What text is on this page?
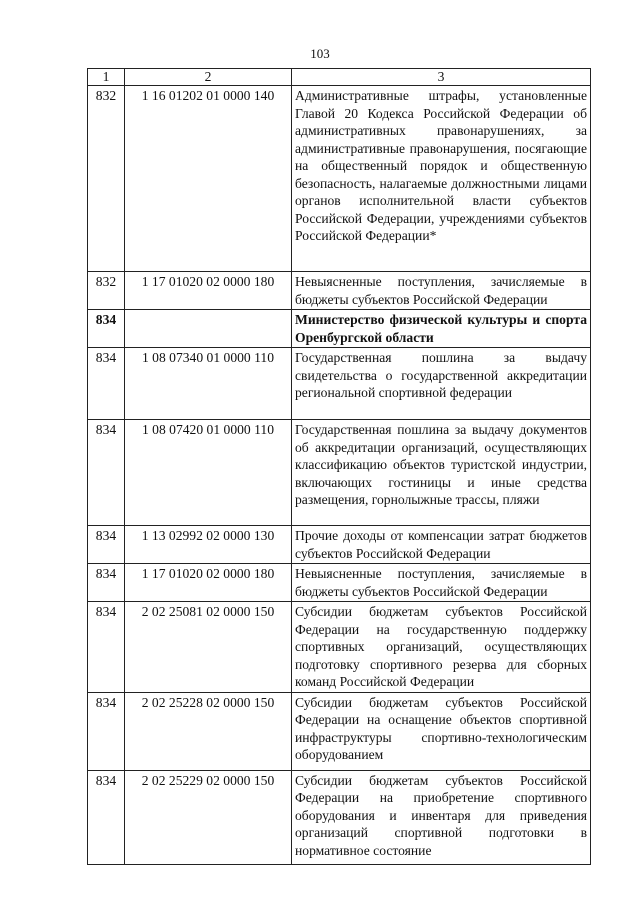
103
1	2	3
832	1 16 01202 01 0000 140	Административные штрафы, установленные Главой 20 Кодекса Российской Федерации об административных правонарушениях, за административные правонарушения, посягающие на общественный порядок и общественную безопасность, налагаемые должностными лицами органов исполнительной власти субъектов Российской Федерации, учреждениями субъектов Российской Федерации*
832	1 17 01020 02 0000 180	Невыясненные поступления, зачисляемые в бюджеты субъектов Российской Федерации
834		Министерство физической культуры и спорта Оренбургской области
834	1 08 07340 01 0000 110	Государственная пошлина за выдачу свидетельства о государственной аккредитации региональной спортивной федерации
834	1 08 07420 01 0000 110	Государственная пошлина за выдачу документов об аккредитации организаций, осуществляющих классификацию объектов туристской индустрии, включающих гостиницы и иные средства размещения, горнолыжные трассы, пляжи
834	1 13 02992 02 0000 130	Прочие доходы от компенсации затрат бюджетов субъектов Российской Федерации
834	1 17 01020 02 0000 180	Невыясненные поступления, зачисляемые в бюджеты субъектов Российской Федерации
834	2 02 25081 02 0000 150	Субсидии бюджетам субъектов Российской Федерации на государственную поддержку спортивных организаций, осуществляющих подготовку спортивного резерва для сборных команд Российской Федерации
834	2 02 25228 02 0000 150	Субсидии бюджетам субъектов Российской Федерации на оснащение объектов спортивной инфраструктуры спортивно-технологическим оборудованием
834	2 02 25229 02 0000 150	Субсидии бюджетам субъектов Российской Федерации на приобретение спортивного оборудования и инвентаря для приведения организаций спортивной подготовки в нормативное состояние
